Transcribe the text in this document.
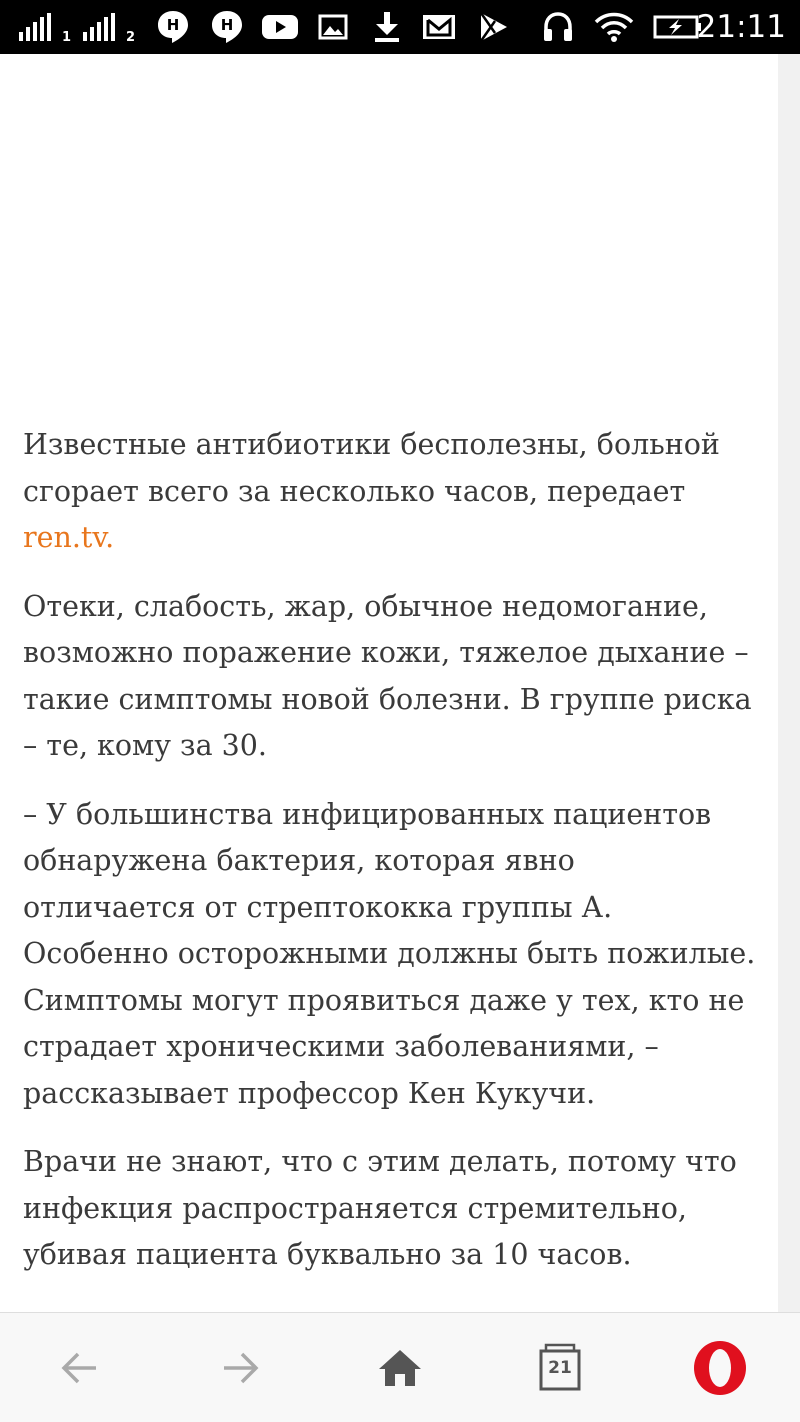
1	2
H	H	21:11

Известные антибиотики бесполезны, больной сгорает всего за несколько часов, передает ren.tv.

Отеки, слабость, жар, обычное недомогание, возможно поражение кожи, тяжелое дыхание – такие симптомы новой болезни. В группе риска – те, кому за 30.

– У большинства инфицированных пациентов обнаружена бактерия, которая явно отличается от стрептококка группы А. Особенно осторожными должны быть пожилые. Симптомы могут проявиться даже у тех, кто не страдает хроническими заболеваниями, – рассказывает профессор Кен Кукучи.

Врачи не знают, что с этим делать, потому что инфекция распространяется стремительно, убивая пациента буквально за 10 часов.

21
